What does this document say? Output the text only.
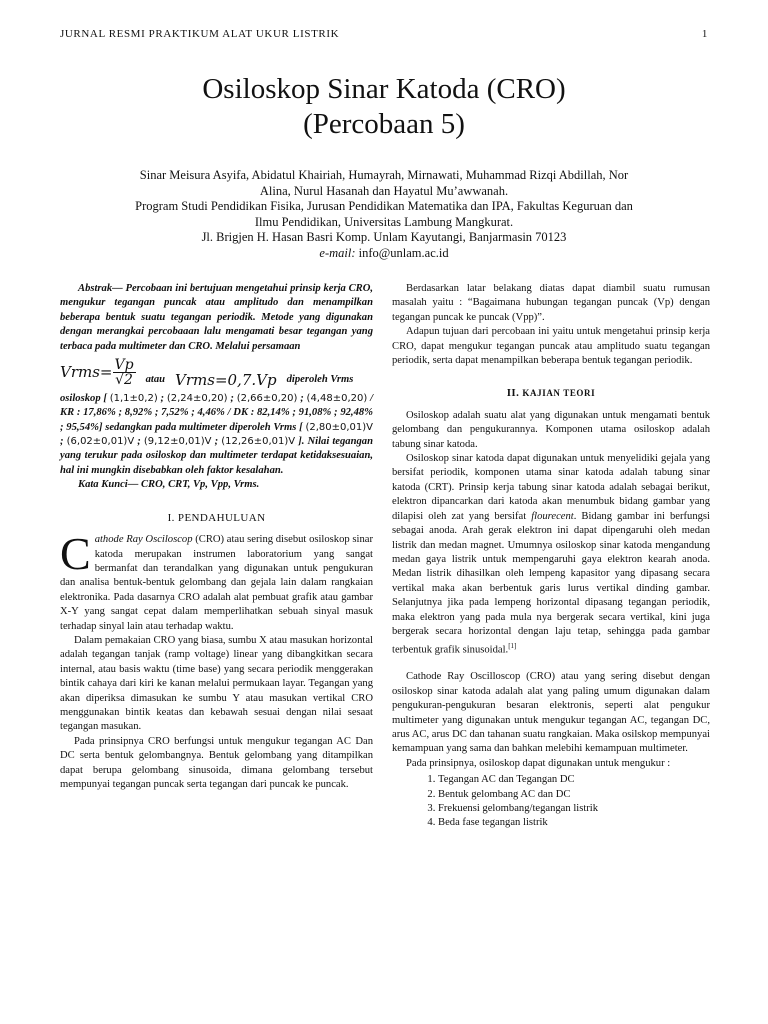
JURNAL RESMI PRAKTIKUM ALAT UKUR LISTRIK	1
Osiloskop Sinar Katoda (CRO)
(Percobaan 5)
Sinar Meisura Asyifa, Abidatul Khairiah, Humayrah, Mirnawati, Muhammad Rizqi Abdillah, Nor
Alina, Nurul Hasanah dan Hayatul Mu’awwanah.
Program Studi Pendidikan Fisika, Jurusan Pendidikan Matematika dan IPA, Fakultas Keguruan dan
Ilmu Pendidikan, Universitas Lambung Mangkurat.
Jl. Brigjen H. Hasan Basri Komp. Unlam Kayutangi, Banjarmasin 70123
e-mail: info@unlam.ac.id

Abstrak— Percobaan ini bertujuan mengetahui prinsip kerja CRO, mengukur tegangan puncak atau amplitudo dan menampilkan beberapa bentuk suatu tegangan periodik. Metode yang digunakan dengan merangkai percobaaan lalu mengamati besar tegangan yang terbaca pada multimeter dan CRO. Melalui persamaan

Vrms= $\frac{Vp}{√2}$ atau Vrms=0,7.Vp diperoleh Vrms
osiloskop [ (1,1±0,2) ; (2,24±0,20) ; (2,66±0,20) ; (4,48±0,20) / KR : 17,86% ; 8,92% ; 7,52% ; 4,46% / DK : 82,14% ; 91,08% ; 92,48% ; 95,54%] sedangkan pada multimeter diperoleh Vrms [ (2,80±0,01)V ; (6,02±0,01)V ; (9,12±0,01)V ; (12,26±0,01)V ]. Nilai tegangan yang terukur pada osiloskop dan multimeter terdapat ketidaksesuaian, hal ini mungkin disebabkan oleh faktor kesalahan.

Kata Kunci— CRO, CRT, Vp, Vpp, Vrms.

I. PENDAHULUAN
Cathode Ray Osciloscop (CRO) atau sering disebut osiloskop sinar katoda merupakan instrumen laboratorium yang sangat bermanfat dan terandalkan yang digunakan untuk pengukuran dan analisa bentuk-bentuk gelombang dan gejala lain dalam rangkaian elektronika. Pada dasarnya CRO adalah alat pembuat grafik atau gambar X-Y yang sangat cepat dalam memperlihatkan sebuah sinyal masuk terhadap sinyal lain atau terhadap waktu.

Dalam pemakaian CRO yang biasa, sumbu X atau masukan horizontal adalah tegangan tanjak (ramp voltage) linear yang dibangkitkan secara internal, atau basis waktu (time base) yang secara periodik menggerakan bintik cahaya dari kiri ke kanan melalui permukaan layar. Tegangan yang akan diperiksa dimasukan ke sumbu Y atau masukan vertikal CRO menggunakan bintik keatas dan kebawah sesuai dengan nilai sesaat tegangan masukan.

Pada prinsipnya CRO berfungsi untuk mengukur tegangan AC Dan DC serta bentuk gelombangnya. Bentuk gelombang yang ditampilkan dapat berupa gelombang sinusoida, dimana gelombang tersebut mempunyai tegangan puncak serta tegangan dari puncak ke puncak.

Berdasarkan latar belakang diatas dapat diambil suatu rumusan masalah yaitu : “Bagaimana hubungan tegangan puncak (Vp) dengan tegangan puncak ke puncak (Vpp)”.

Adapun tujuan dari percobaan ini yaitu untuk mengetahui prinsip kerja CRO, dapat mengukur tegangan puncak atau amplitudo suatu tegangan periodik, serta dapat menampilkan beberapa bentuk tegangan periodik.

II. KAJIAN TEORI

Osiloskop adalah suatu alat yang digunakan untuk mengamati bentuk gelombang dan pengukurannya. Komponen utama osiloskop adalah tabung sinar katoda.

Osiloskop sinar katoda dapat digunakan untuk menyelidiki gejala yang bersifat periodik, komponen utama sinar katoda adalah tabung sinar katoda (CRT). Prinsip kerja tabung sinar katoda adalah sebagai berikut, elektron dipancarkan dari katoda akan menumbuk bidang gambar yang dilapisi oleh zat yang bersifat flourecent. Bidang gambar ini berfungsi sebagai anoda. Arah gerak elektron ini dapat dipengaruhi oleh medan listrik dan medan magnet. Umumnya osiloskop sinar katoda mengandung medan gaya listrik untuk mempengaruhi gaya elektron kearah anoda. Medan listrik dihasilkan oleh lempeng kapasitor yang dipasang secara vertikal maka akan berbentuk garis lurus vertikal dinding gambar. Selanjutnya jika pada lempeng horizontal dipasang tegangan periodik, maka elektron yang pada mula nya bergerak secara vertikal, kini juga bergerak secara horizontal dengan laju tetap, sehingga pada gambar terbentuk grafik sinusoidal.[1]

Cathode Ray Oscilloscop (CRO) atau yang sering disebut dengan osiloskop sinar katoda adalah alat yang paling umum digunakan dalam pengukuran-pengukuran besaran elektronis, seperti alat pengukur multimeter yang digunakan untuk mengukur tegangan AC, tegangan DC, arus AC, arus DC dan tahanan suatu rangkaian. Maka osilskop mempunyai kemampuan yang sama dan bahkan melebihi kemampuan multimeter.

Pada prinsipnya, osiloskop dapat digunakan untuk mengukur :

1. Tegangan AC dan Tegangan DC
2. Bentuk gelombang AC dan DC
3. Frekuensi gelombang/tegangan listrik
4. Beda fase tegangan listrik
